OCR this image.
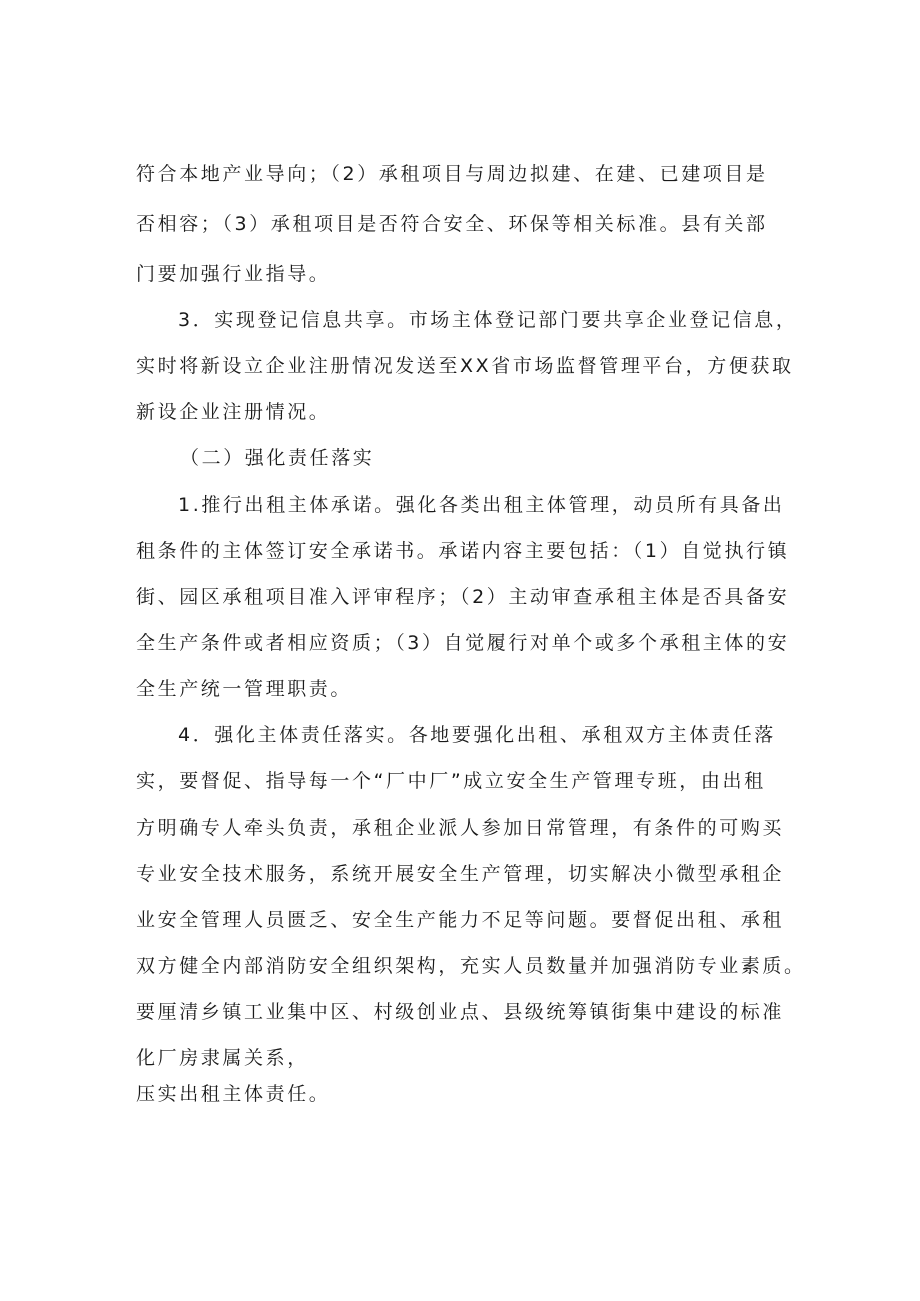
符合本地产业导向；（2）承租项目与周边拟建、在建、已建项目是
否相容；（3）承租项目是否符合安全、环保等相关标准。县有关部
门要加强行业指导。
3．实现登记信息共享。市场主体登记部门要共享企业登记信息，
实时将新设立企业注册情况发送至XX省市场监督管理平台，方便获取
新设企业注册情况。
（二）强化责任落实
1.推行出租主体承诺。强化各类出租主体管理，动员所有具备出
租条件的主体签订安全承诺书。承诺内容主要包括：（1）自觉执行镇
街、园区承租项目准入评审程序；（2）主动审查承租主体是否具备安
全生产条件或者相应资质；（3）自觉履行对单个或多个承租主体的安
全生产统一管理职责。
4．强化主体责任落实。各地要强化出租、承租双方主体责任落
实，要督促、指导每一个“厂中厂”成立安全生产管理专班，由出租
方明确专人牵头负责，承租企业派人参加日常管理，有条件的可购买
专业安全技术服务，系统开展安全生产管理，切实解决小微型承租企
业安全管理人员匮乏、安全生产能力不足等问题。要督促出租、承租
双方健全内部消防安全组织架构，充实人员数量并加强消防专业素质。
要厘清乡镇工业集中区、村级创业点、县级统筹镇街集中建设的标准
化厂房隶属关系，
压实出租主体责任。
